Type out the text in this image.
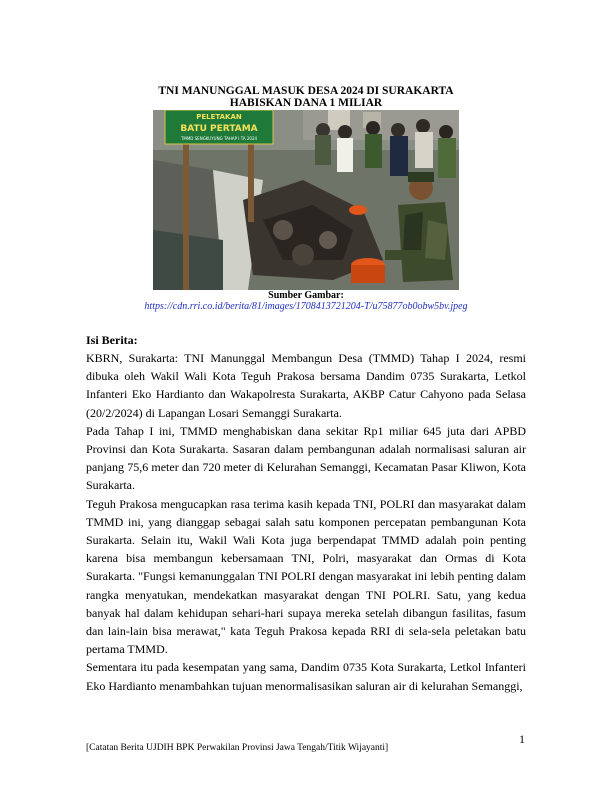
TNI MANUNGGAL MASUK DESA 2024 DI SURAKARTA
HABISKAN DANA 1 MILIAR
PELETAKAN
BATU PERTAMA
TMMD SENGKUYUNG TAHAP I TA 2024
Sumber Gambar:
https://cdn.rri.co.id/berita/81/images/1708413721204-T/u75877ob0obw5bv.jpeg
Isi Berita:

KBRN, Surakarta: TNI Manunggal Membangun Desa (TMMD) Tahap I 2024, resmi dibuka oleh Wakil Wali Kota Teguh Prakosa bersama Dandim 0735 Surakarta, Letkol Infanteri Eko Hardianto dan Wakapolresta Surakarta, AKBP Catur Cahyono pada Selasa (20/2/2024) di Lapangan Losari Semanggi Surakarta.

Pada Tahap I ini, TMMD menghabiskan dana sekitar Rp1 miliar 645 juta dari APBD Provinsi dan Kota Surakarta. Sasaran dalam pembangunan adalah normalisasi saluran air panjang 75,6 meter dan 720 meter di Kelurahan Semanggi, Kecamatan Pasar Kliwon, Kota Surakarta.

Teguh Prakosa mengucapkan rasa terima kasih kepada TNI, POLRI dan masyarakat dalam TMMD ini, yang dianggap sebagai salah satu komponen percepatan pembangunan Kota Surakarta. Selain itu, Wakil Wali Kota juga berpendapat TMMD adalah poin penting karena bisa membangun kebersamaan TNI, Polri, masyarakat dan Ormas di Kota Surakarta. "Fungsi kemanunggalan TNI POLRI dengan masyarakat ini lebih penting dalam rangka menyatukan, mendekatkan masyarakat dengan TNI POLRI. Satu, yang kedua banyak hal dalam kehidupan sehari-hari supaya mereka setelah dibangun fasilitas, fasum dan lain-lain bisa merawat," kata Teguh Prakosa kepada RRI di sela-sela peletakan batu pertama TMMD.

Sementara itu pada kesempatan yang sama, Dandim 0735 Kota Surakarta, Letkol Infanteri Eko Hardianto menambahkan tujuan menormalisasikan saluran air di kelurahan Semanggi,

1
[Catatan Berita UJDIH BPK Perwakilan Provinsi Jawa Tengah/Titik Wijayanti]
